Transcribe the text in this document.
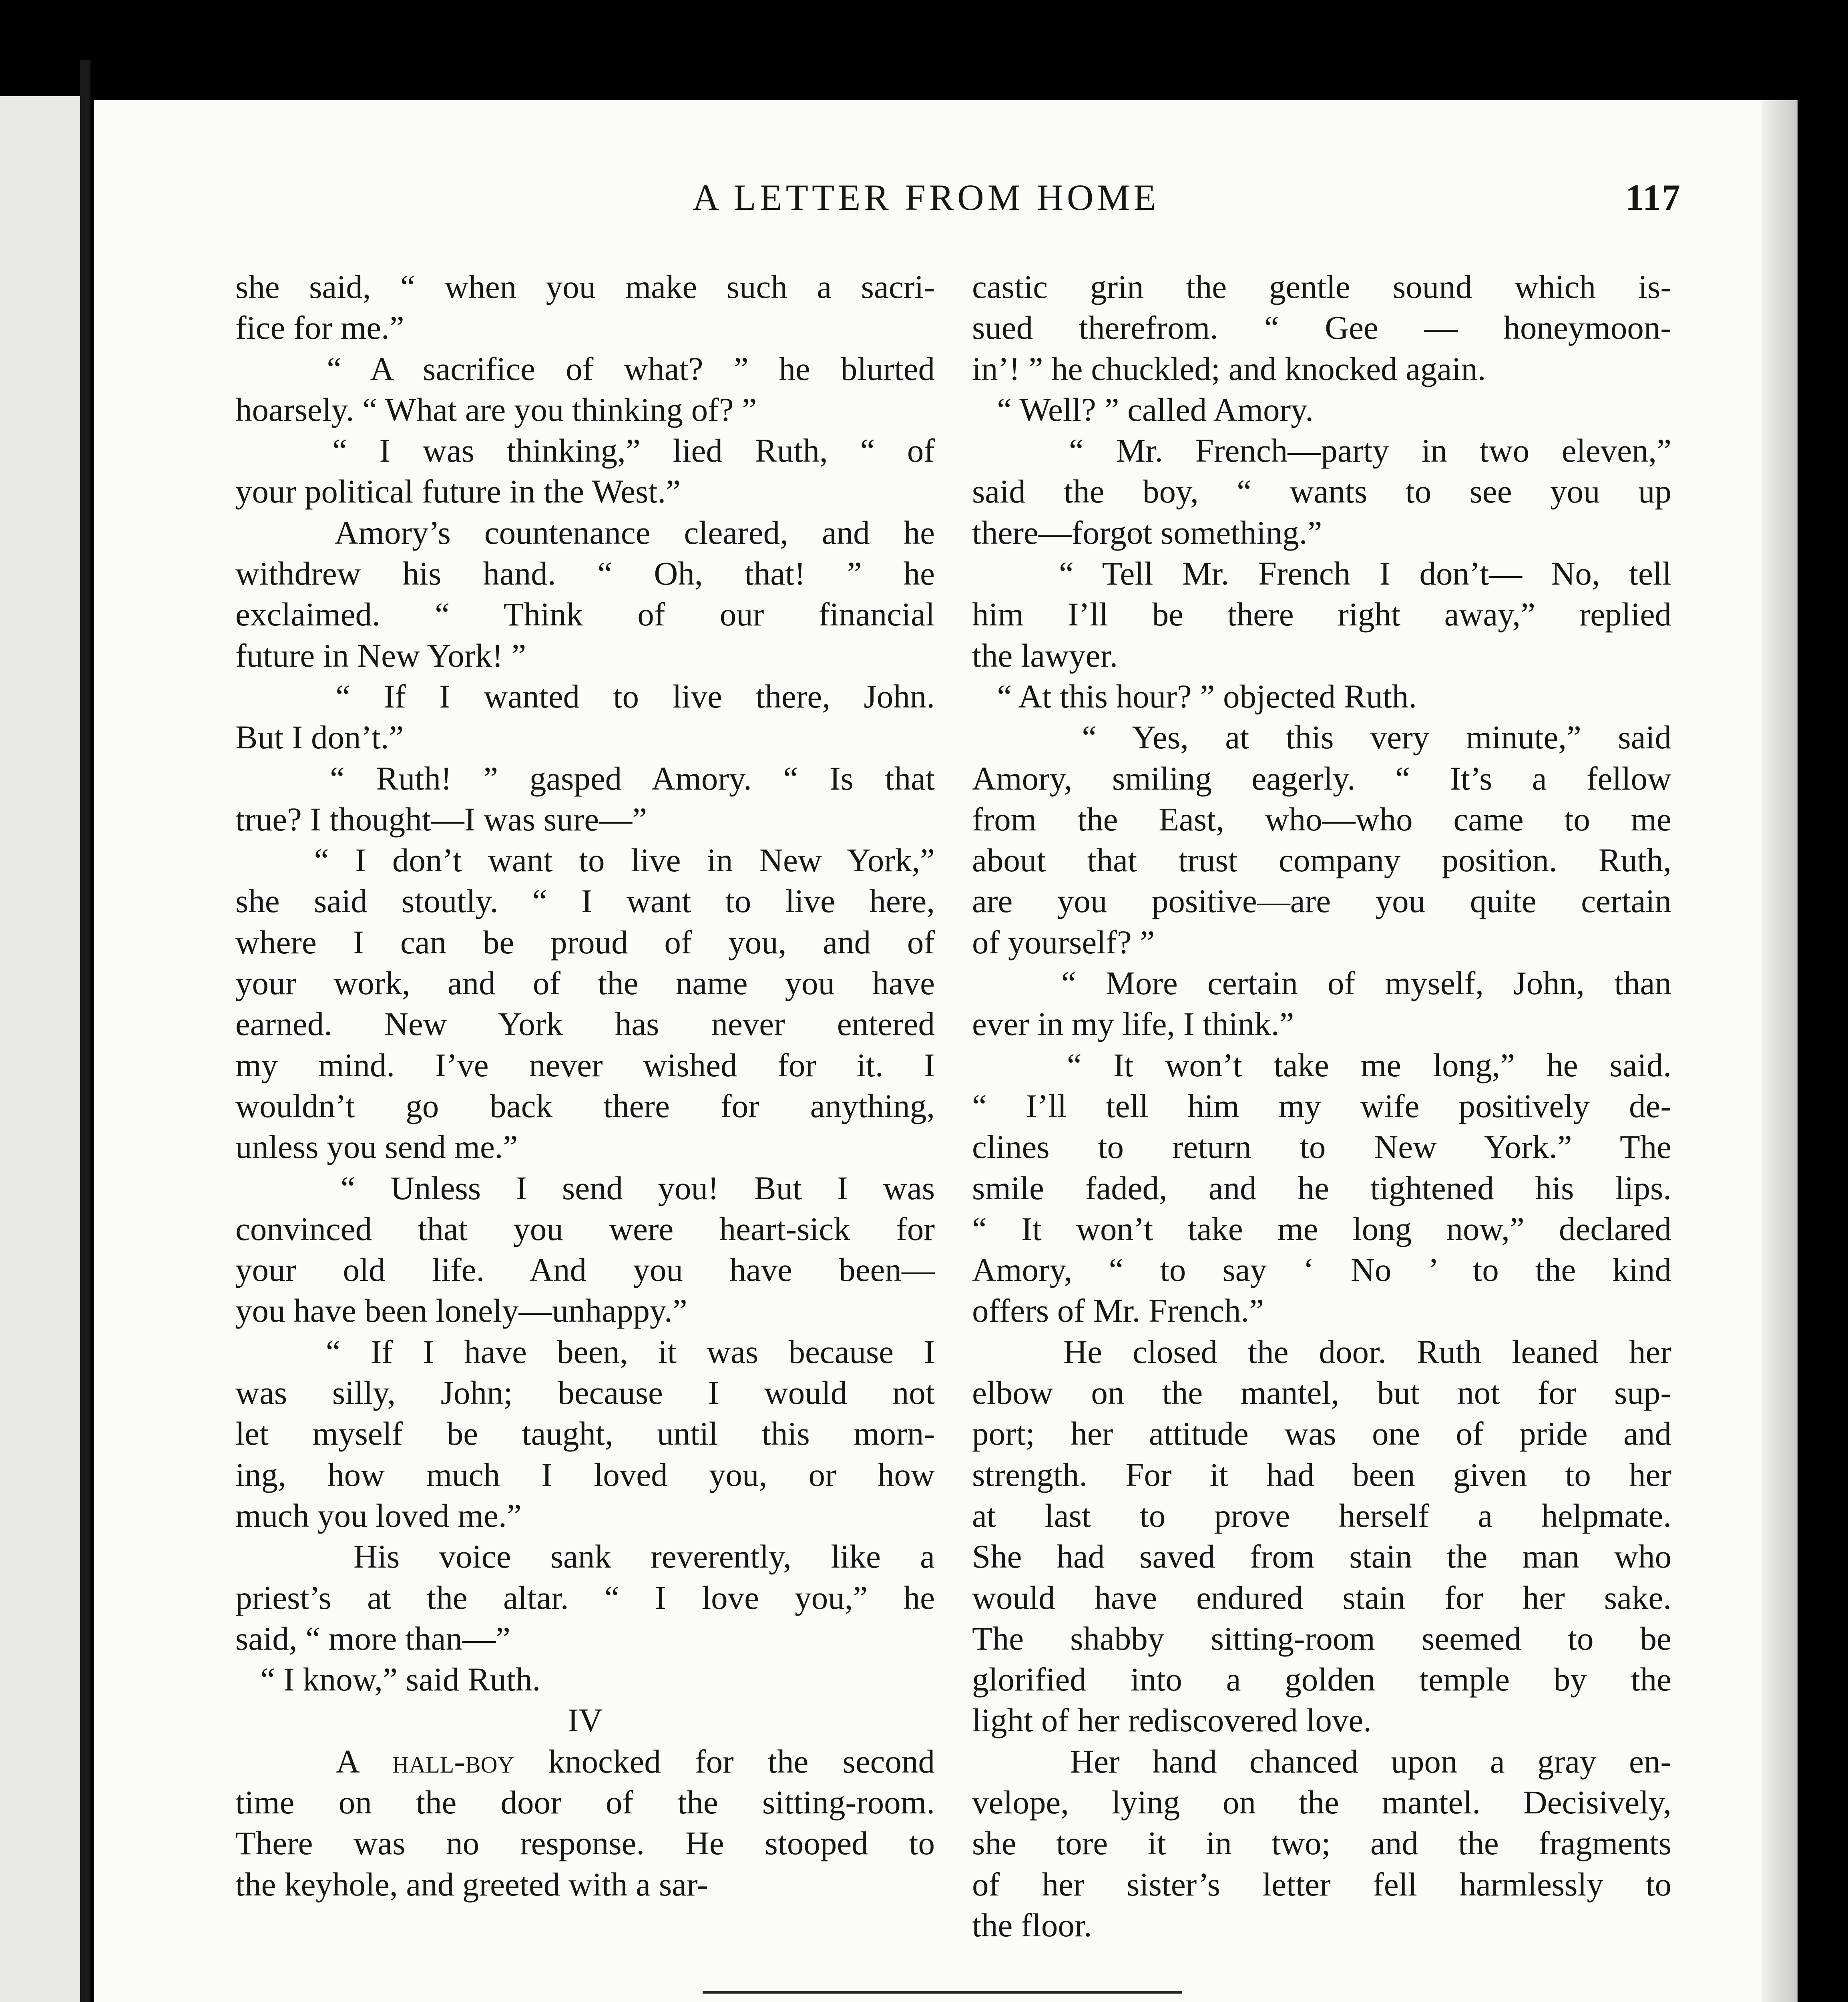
A LETTER FROM HOME	117
she said, “ when you make such a sacri-
fice for me.”
“ A sacrifice of what? ” he blurted
hoarsely. “ What are you thinking of? ”
“ I was thinking,” lied Ruth, “ of
your political future in the West.”
Amory’s countenance cleared, and he
withdrew his hand. “ Oh, that! ” he
exclaimed. “ Think of our financial
future in New York! ”
“ If I wanted to live there, John.
But I don’t.”
“ Ruth! ” gasped Amory. “ Is that
true? I thought—I was sure—”
“ I don’t want to live in New York,”
she said stoutly. “ I want to live here,
where I can be proud of you, and of
your work, and of the name you have
earned. New York has never entered
my mind. I’ve never wished for it. I
wouldn’t go back there for anything,
unless you send me.”
“ Unless I send you! But I was
convinced that you were heart-sick for
your old life. And you have been—
you have been lonely—unhappy.”
“ If I have been, it was because I
was silly, John; because I would not
let myself be taught, until this morn-
ing, how much I loved you, or how
much you loved me.”
His voice sank reverently, like a
priest’s at the altar. “ I love you,” he
said, “ more than—”
“ I know,” said Ruth.
IV
A hall-boy knocked for the second
time on the door of the sitting-room.
There was no response. He stooped to
the keyhole, and greeted with a sar-
castic grin the gentle sound which is-
sued therefrom. “ Gee — honeymoon-
in’! ” he chuckled; and knocked again.
“ Well? ” called Amory.
“ Mr. French—party in two eleven,”
said the boy, “ wants to see you up
there—forgot something.”
“ Tell Mr. French I don’t— No, tell
him I’ll be there right away,” replied
the lawyer.
“ At this hour? ” objected Ruth.
“ Yes, at this very minute,” said
Amory, smiling eagerly. “ It’s a fellow
from the East, who—who came to me
about that trust company position. Ruth,
are you positive—are you quite certain
of yourself? ”
“ More certain of myself, John, than
ever in my life, I think.”
“ It won’t take me long,” he said.
“ I’ll tell him my wife positively de-
clines to return to New York.” The
smile faded, and he tightened his lips.
“ It won’t take me long now,” declared
Amory, “ to say ‘ No ’ to the kind
offers of Mr. French.”
He closed the door. Ruth leaned her
elbow on the mantel, but not for sup-
port; her attitude was one of pride and
strength. For it had been given to her
at last to prove herself a helpmate.
She had saved from stain the man who
would have endured stain for her sake.
The shabby sitting-room seemed to be
glorified into a golden temple by the
light of her rediscovered love.
Her hand chanced upon a gray en-
velope, lying on the mantel. Decisively,
she tore it in two; and the fragments
of her sister’s letter fell harmlessly to
the floor.
